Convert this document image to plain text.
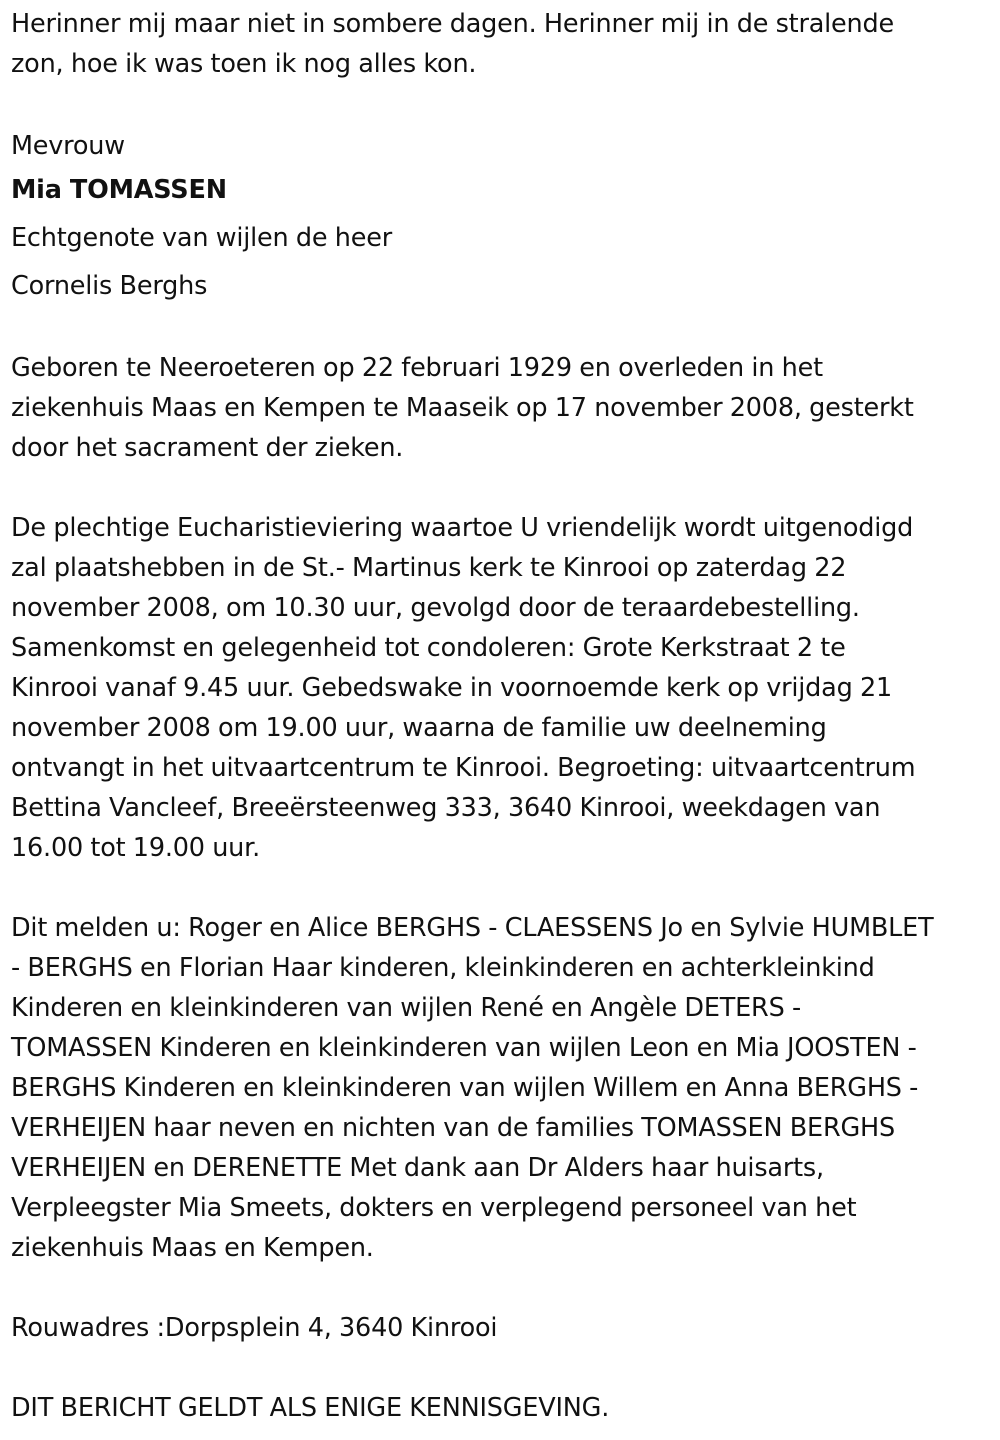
Herinner mij maar niet in sombere dagen. Herinner mij in de stralende
zon, hoe ik was toen ik nog alles kon.

Mevrouw

Mia TOMASSEN

Echtgenote van wijlen de heer

Cornelis Berghs

Geboren te Neeroeteren op 22 februari 1929 en overleden in het
ziekenhuis Maas en Kempen te Maaseik op 17 november 2008, gesterkt
door het sacrament der zieken.

De plechtige Eucharistieviering waartoe U vriendelijk wordt uitgenodigd
zal plaatshebben in de St.- Martinus kerk te Kinrooi op zaterdag 22
november 2008, om 10.30 uur, gevolgd door de teraardebestelling.
Samenkomst en gelegenheid tot condoleren: Grote Kerkstraat 2 te
Kinrooi vanaf 9.45 uur. Gebedswake in voornoemde kerk op vrijdag 21
november 2008 om 19.00 uur, waarna de familie uw deelneming
ontvangt in het uitvaartcentrum te Kinrooi. Begroeting: uitvaartcentrum
Bettina Vancleef, Breeërsteenweg 333, 3640 Kinrooi, weekdagen van
16.00 tot 19.00 uur.

Dit melden u: Roger en Alice BERGHS - CLAESSENS Jo en Sylvie HUMBLET
- BERGHS en Florian Haar kinderen, kleinkinderen en achterkleinkind
Kinderen en kleinkinderen van wijlen René en Angèle DETERS -
TOMASSEN Kinderen en kleinkinderen van wijlen Leon en Mia JOOSTEN -
BERGHS Kinderen en kleinkinderen van wijlen Willem en Anna BERGHS -
VERHEIJEN haar neven en nichten van de families TOMASSEN BERGHS
VERHEIJEN en DERENETTE Met dank aan Dr Alders haar huisarts,
Verpleegster Mia Smeets, dokters en verplegend personeel van het
ziekenhuis Maas en Kempen.

Rouwadres :Dorpsplein 4, 3640 Kinrooi

DIT BERICHT GELDT ALS ENIGE KENNISGEVING.
